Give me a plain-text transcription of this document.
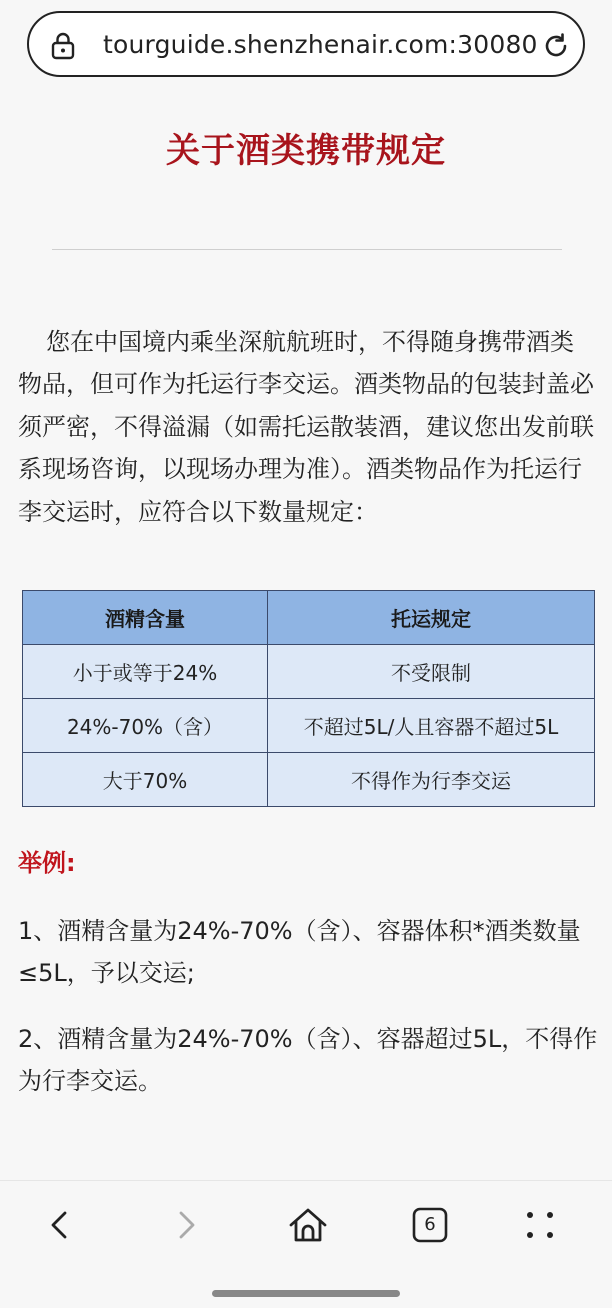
tourguide.shenzhenair.com:30080
关于酒类携带规定

您在中国境内乘坐深航航班时，不得随身携带酒类物品，但可作为托运行李交运。酒类物品的包装封盖必须严密，不得溢漏（如需托运散装酒，建议您出发前联系现场咨询，以现场办理为准）。酒类物品作为托运行李交运时，应符合以下数量规定：

酒精含量	托运规定
小于或等于24%	不受限制
24%-70%（含）	不超过5L/人且容器不超过5L
大于70%	不得作为行李交运
举例:

1、酒精含量为24%-70%（含）、容器体积*酒类数量≤5L，予以交运;

2、酒精含量为24%-70%（含）、容器超过5L，不得作为行李交运。

6
